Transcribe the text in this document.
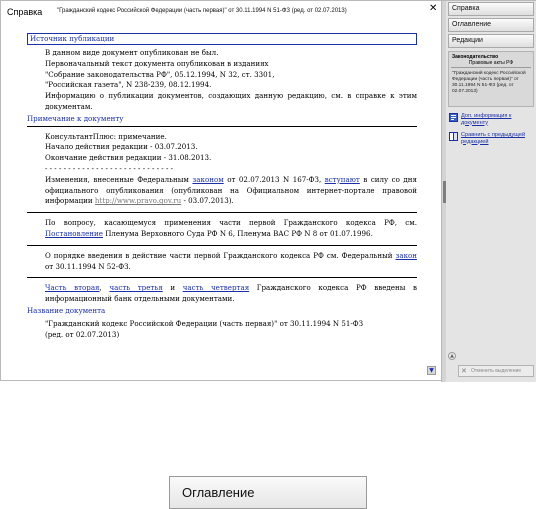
Справка "Гражданский кодекс Российской Федерации (часть первая)" от 30.11.1994 N 51-ФЗ (ред. от 02.07.2013)	✕
Источник публикации

В данном виде документ опубликован не был.

Первоначальный текст документа опубликован в изданиях

"Собрание законодательства РФ", 05.12.1994, N 32, ст. 3301,

"Российская газета", N 238-239, 08.12.1994.

Информацию о публикации документов, создающих данную редакцию, см. в справке к этим документам.

Примечание к документу

КонсультантПлюс: примечание.

Начало действия редакции - 03.07.2013.

Окончание действия редакции - 31.08.2013.

- - - - - - - - - - - - - - - - - - - - - - - - - - - -

Изменения, внесенные Федеральным законом от 02.07.2013 N 167-ФЗ, вступают в силу со дня официального опубликования (опубликован на Официальном интернет-портале правовой информации http://www.pravo.gov.ru - 03.07.2013).

По вопросу, касающемуся применения части первой Гражданского кодекса РФ, см. Постановление Пленума Верховного Суда РФ N 6, Пленума ВАС РФ N 8 от 01.07.1996.

О порядке введения в действие части первой Гражданского кодекса РФ см. Федеральный закон от 30.11.1994 N 52-ФЗ.

Часть вторая, часть третья и часть четвертая Гражданского кодекса РФ введены в информационный банк отдельными документами.

Название документа

"Гражданский кодекс Российской Федерации (часть первая)" от 30.11.1994 N 51-ФЗ

(ред. от 02.07.2013)

▼
Справка
Оглавление
Редакции
Законодательство
Правовые акты РФ
"Гражданский кодекс Российской Федерации (часть первая)" от 30.11.1994 N 51-ФЗ (ред. от 02.07.2013)
Доп. информация к документу
Сравнить с предыдущей редакцией
▲
✕ Отменить выделение
Оглавление
